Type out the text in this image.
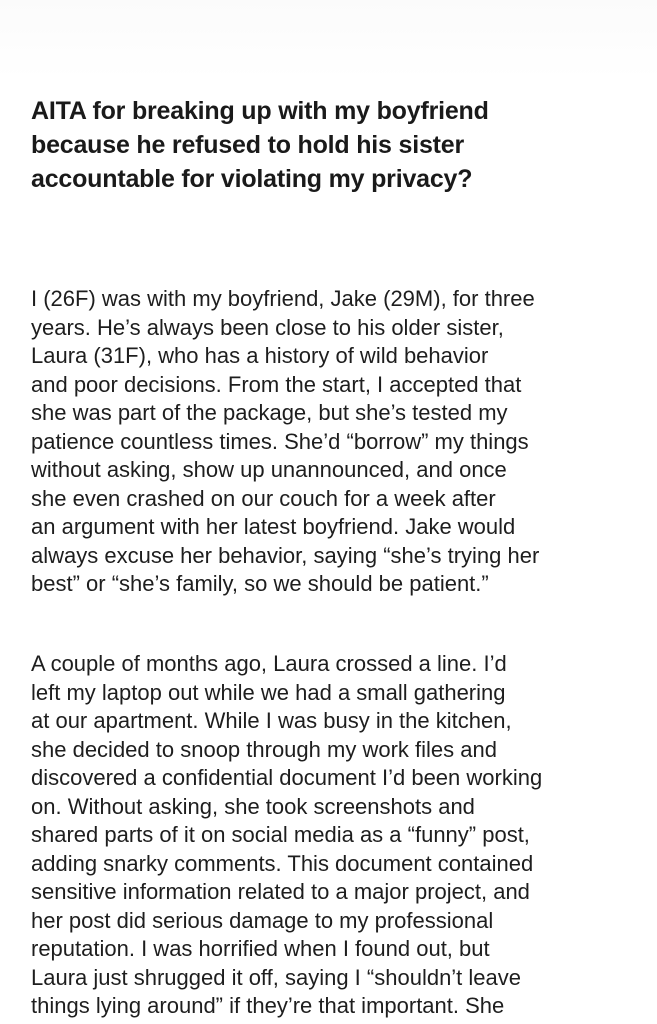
AITA for breaking up with my boyfriend
because he refused to hold his sister
accountable for violating my privacy?

I (26F) was with my boyfriend, Jake (29M), for three
years. He’s always been close to his older sister,
Laura (31F), who has a history of wild behavior
and poor decisions. From the start, I accepted that
she was part of the package, but she’s tested my
patience countless times. She’d “borrow” my things
without asking, show up unannounced, and once
she even crashed on our couch for a week after
an argument with her latest boyfriend. Jake would
always excuse her behavior, saying “she’s trying her
best” or “she’s family, so we should be patient.”

A couple of months ago, Laura crossed a line. I’d
left my laptop out while we had a small gathering
at our apartment. While I was busy in the kitchen,
she decided to snoop through my work files and
discovered a confidential document I’d been working
on. Without asking, she took screenshots and
shared parts of it on social media as a “funny” post,
adding snarky comments. This document contained
sensitive information related to a major project, and
her post did serious damage to my professional
reputation. I was horrified when I found out, but
Laura just shrugged it off, saying I “shouldn’t leave
things lying around” if they’re that important. She
